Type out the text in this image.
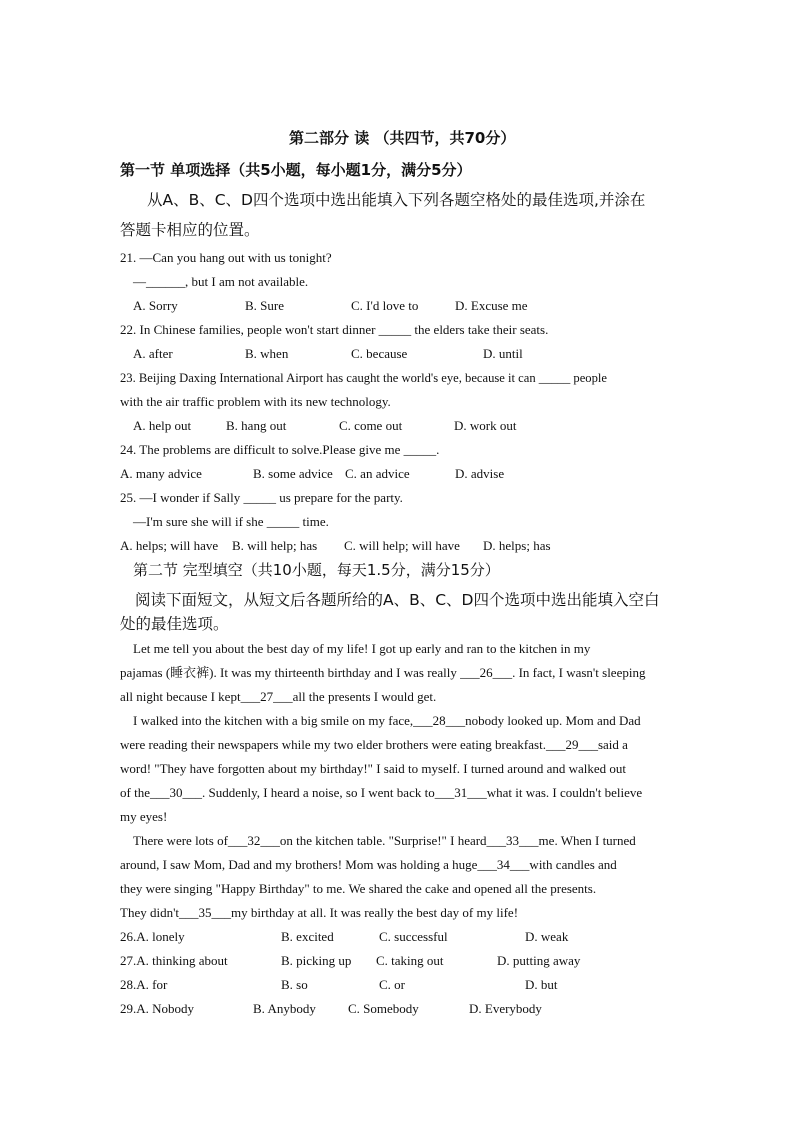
第二部分 读 （共四节，共70分）
第一节 单项选择（共5小题，每小题1分，满分5分）
从A、B、C、D四个选项中选出能填入下列各题空格处的最佳选项,并涂在
答题卡相应的位置。
21. —Can you hang out with us tonight?
—______, but I am not available.
A. Sorry	B. Sure	C. I'd love to	D. Excuse me
22. In Chinese families, people won't start dinner _____ the elders take their seats.
A. after	B. when	C. because	D. until
23. Beijing Daxing International Airport has caught the world's eye, because it can _____ people
with the air traffic problem with its new technology.
A. help out	B. hang out	C. come out	D. work out
24. The problems are difficult to solve.Please give me _____.
A. many advice	B. some advice C. an advice	D. advise
25. —I wonder if Sally _____ us prepare for the party.
—I'm sure she will if she _____ time.
A. helps; will have B. will help; has C. will help; will have D. helps; has
第二节 完型填空（共10小题，每天1.5分，满分15分）
阅读下面短文，从短文后各题所给的A、B、C、D四个选项中选出能填入空白
处的最佳选项。
Let me tell you about the best day of my life! I got up early and ran to the kitchen in my
pajamas (睡衣裤). It was my thirteenth birthday and I was really ___26___. In fact, I wasn't sleeping
all night because I kept___27___all the presents I would get.
I walked into the kitchen with a big smile on my face,___28___nobody looked up. Mom and Dad
were reading their newspapers while my two elder brothers were eating breakfast.___29___said a
word! "They have forgotten about my birthday!" I said to myself. I turned around and walked out
of the___30___. Suddenly, I heard a noise, so I went back to___31___what it was. I couldn't believe
my eyes!
There were lots of___32___on the kitchen table. "Surprise!" I heard___33___me. When I turned
around, I saw Mom, Dad and my brothers! Mom was holding a huge___34___with candles and
they were singing "Happy Birthday" to me. We shared the cake and opened all the presents.
They didn't___35___my birthday at all. It was really the best day of my life!
26.A. lonely	B. excited	C. successful	D. weak
27.A. thinking about	B. picking up C. taking out	D. putting away
28.A. for	B. so	C. or	D. but
29.A. Nobody	B. Anybody C. Somebody	D. Everybody
